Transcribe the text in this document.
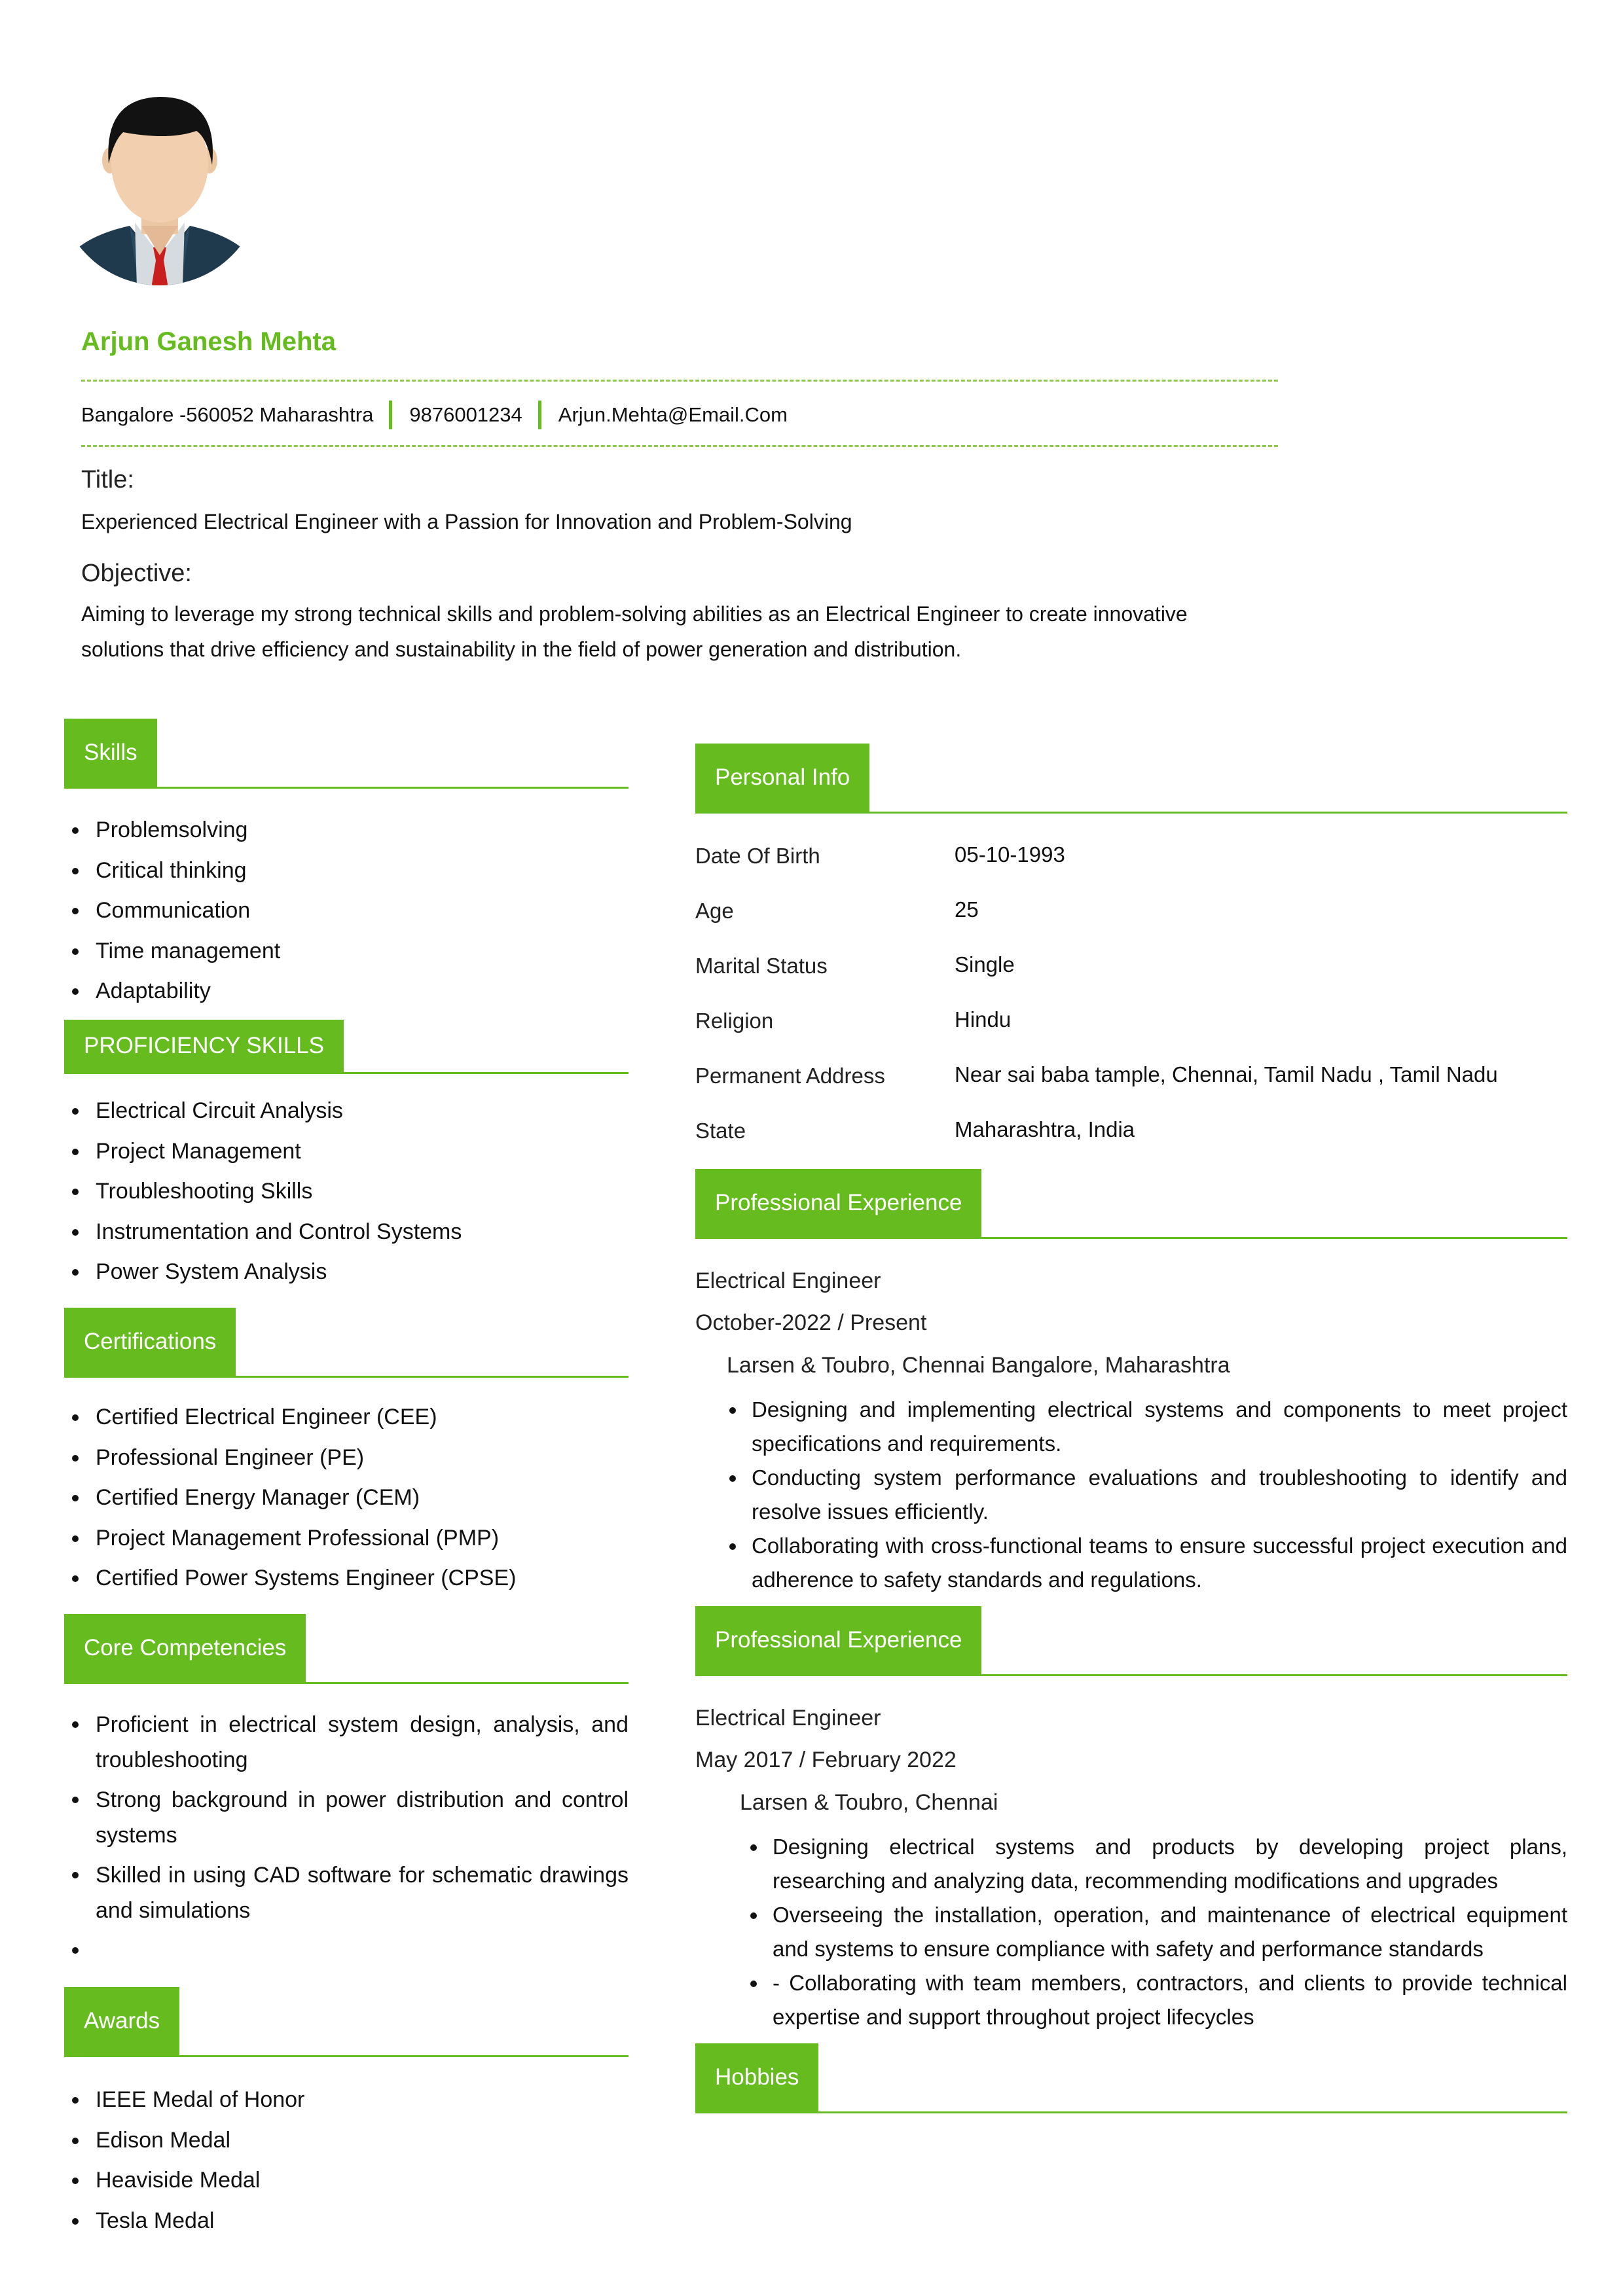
Arjun Ganesh Mehta
Bangalore -560052 Maharashtra 9876001234 Arjun.Mehta@Email.Com
Title:
Experienced Electrical Engineer with a Passion for Innovation and Problem-Solving
Objective:
Aiming to leverage my strong technical skills and problem-solving abilities as an Electrical Engineer to create innovative
solutions that drive efficiency and sustainability in the field of power generation and distribution.
Skills
Problemsolving
Critical thinking
Communication
Time management
Adaptability
PROFICIENCY SKILLS
Electrical Circuit Analysis
Project Management
Troubleshooting Skills
Instrumentation and Control Systems
Power System Analysis
Certifications
Certified Electrical Engineer (CEE)
Professional Engineer (PE)
Certified Energy Manager (CEM)
Project Management Professional (PMP)
Certified Power Systems Engineer (CPSE)
Core Competencies
Proficient in electrical system design, analysis, and troubleshooting
Strong background in power distribution and control systems
Skilled in using CAD software for schematic drawings and simulations
Awards
IEEE Medal of Honor
Edison Medal
Heaviside Medal
Tesla Medal
Personal Info
Date Of Birth	05-10-1993
Age	25
Marital Status	Single
Religion	Hindu
Permanent Address	Near sai baba tample, Chennai, Tamil Nadu , Tamil Nadu
State	Maharashtra, India
Professional Experience
Electrical Engineer
October-2022 / Present
Larsen & Toubro, Chennai Bangalore, Maharashtra
Designing and implementing electrical systems and components to meet project specifications and requirements.
Conducting system performance evaluations and troubleshooting to identify and resolve issues efficiently.
Collaborating with cross-functional teams to ensure successful project execution and adherence to safety standards and regulations.
Professional Experience
Electrical Engineer
May 2017 / February 2022
Larsen & Toubro, Chennai
Designing electrical systems and products by developing project plans, researching and analyzing data, recommending modifications and upgrades
Overseeing the installation, operation, and maintenance of electrical equipment and systems to ensure compliance with safety and performance standards
- Collaborating with team members, contractors, and clients to provide technical expertise and support throughout project lifecycles
Hobbies
